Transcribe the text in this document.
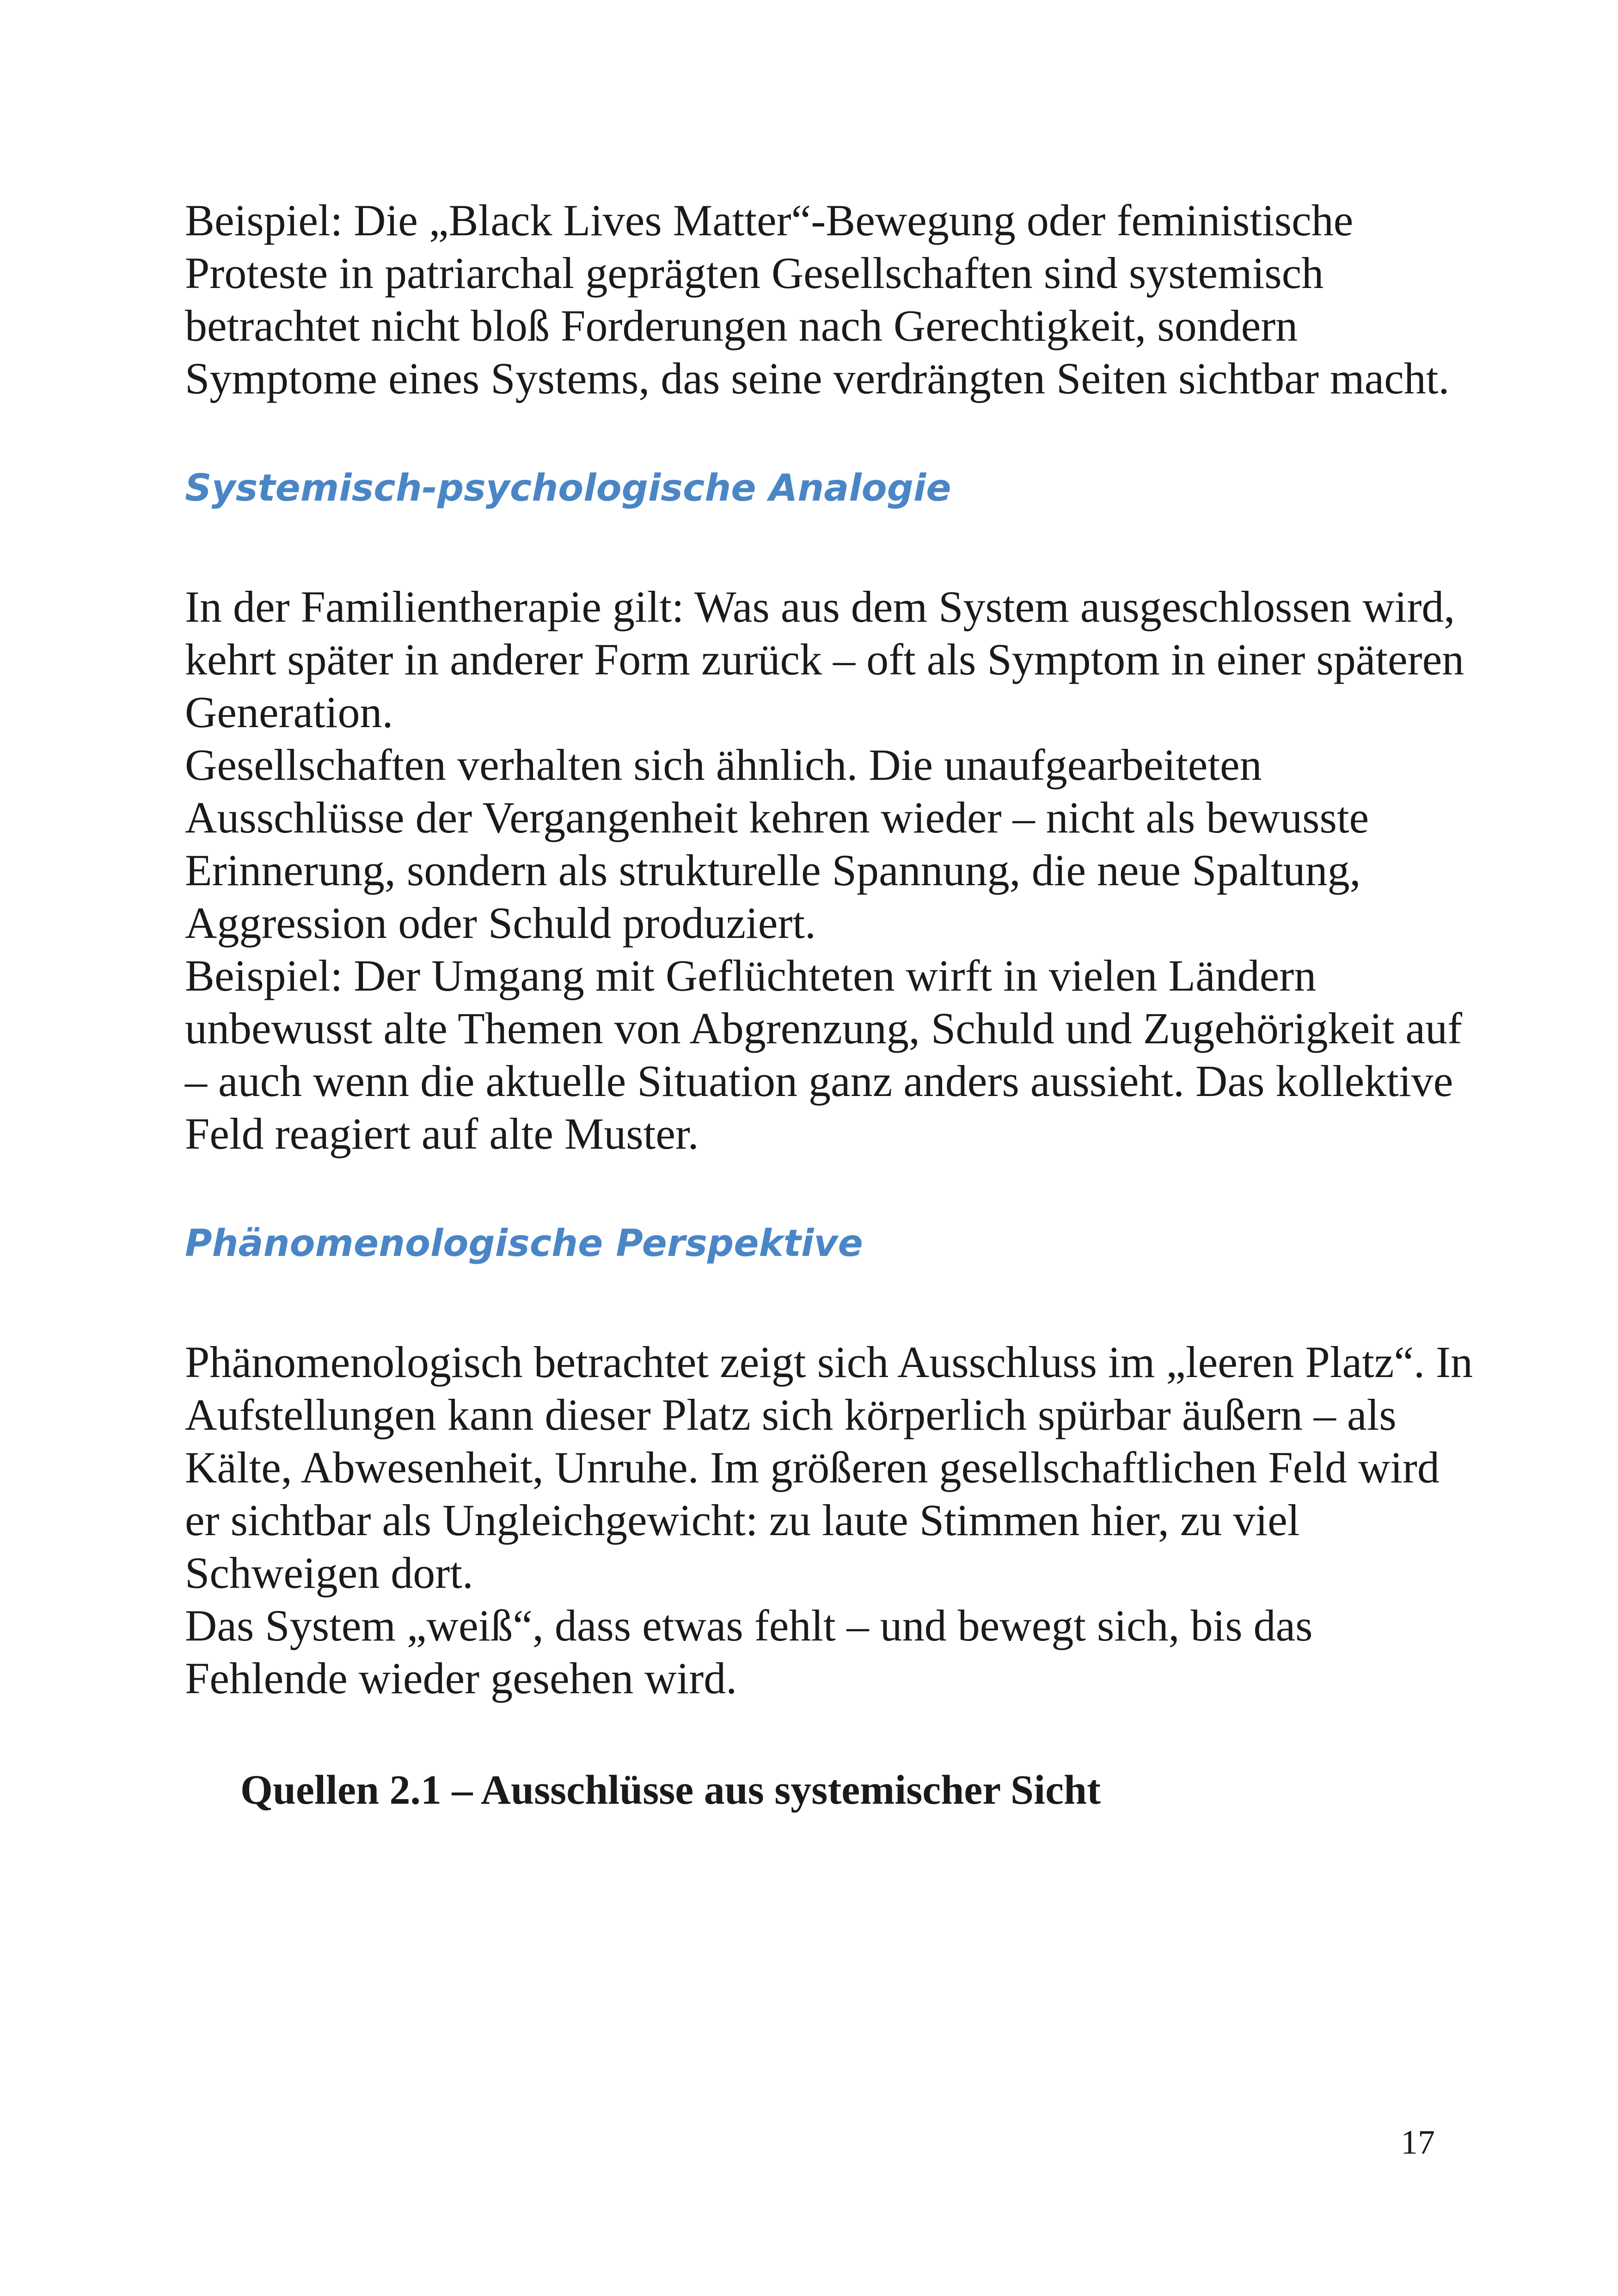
Beispiel: Die „Black Lives Matter“-Bewegung oder feministische Proteste in patriarchal geprägten Gesellschaften sind systemisch betrachtet nicht bloß Forderungen nach Gerechtigkeit, sondern Symptome eines Systems, das seine verdrängten Seiten sichtbar macht.

Systemisch-psychologische Analogie

In der Familientherapie gilt: Was aus dem System ausgeschlossen wird, kehrt später in anderer Form zurück – oft als Symptom in einer späteren Generation.

Gesellschaften verhalten sich ähnlich. Die unaufgearbeiteten Ausschlüsse der Vergangenheit kehren wieder – nicht als bewusste Erinnerung, sondern als strukturelle Spannung, die neue Spaltung, Aggression oder Schuld produziert.

Beispiel: Der Umgang mit Geflüchteten wirft in vielen Ländern unbewusst alte Themen von Abgrenzung, Schuld und Zugehörigkeit auf – auch wenn die aktuelle Situation ganz anders aussieht. Das kollektive Feld reagiert auf alte Muster.

Phänomenologische Perspektive

Phänomenologisch betrachtet zeigt sich Ausschluss im „leeren Platz“. In Aufstellungen kann dieser Platz sich körperlich spürbar äußern – als Kälte, Abwesenheit, Unruhe. Im größeren gesellschaftlichen Feld wird er sichtbar als Ungleichgewicht: zu laute Stimmen hier, zu viel Schweigen dort.

Das System „weiß“, dass etwas fehlt – und bewegt sich, bis das Fehlende wieder gesehen wird.

Quellen 2.1 – Ausschlüsse aus systemischer Sicht
17
